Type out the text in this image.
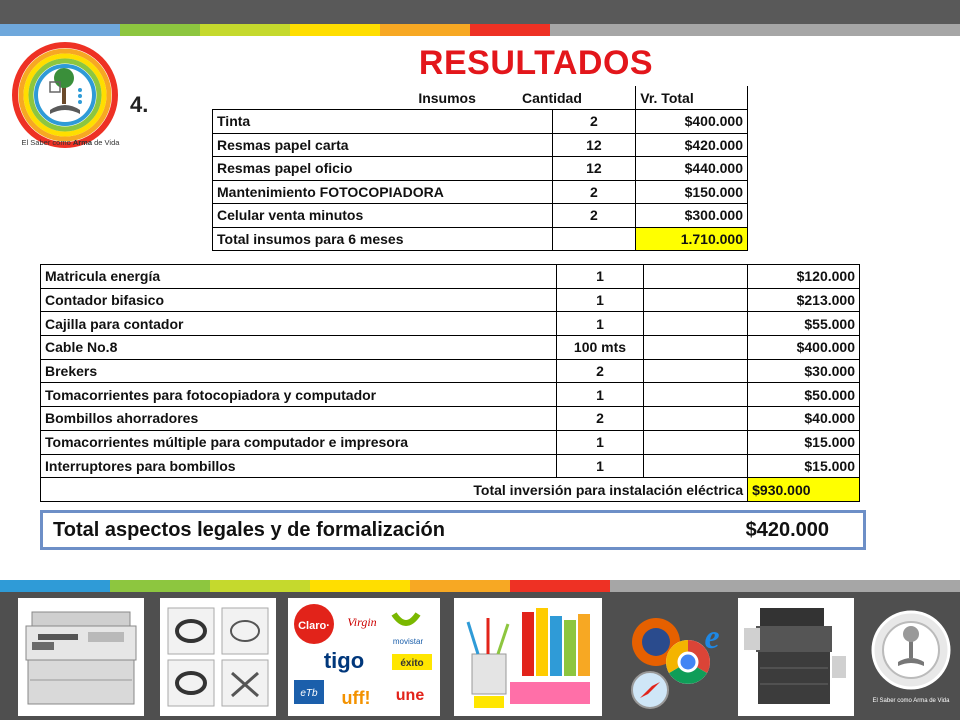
El Saber como Arma de Vida
RESULTADOS
4.	Insumos Cantidad		Vr. Total
Tinta	2	$400.000
Resmas papel carta	12	$420.000
Resmas papel oficio	12	$440.000
Mantenimiento FOTOCOPIADORA	2	$150.000
Celular venta minutos	2	$300.000
Total insumos para 6 meses		1.710.000
Matricula energía	1		$120.000
Contador bifasico	1		$213.000
Cajilla para contador	1		$55.000
Cable No.8	100 mts		$400.000
Brekers	2		$30.000
Tomacorrientes para fotocopiadora y computador	1		$50.000
Bombillos ahorradores	2		$40.000
Tomacorrientes múltiple para computador e impresora	1		$15.000
Interruptores para bombillos	1		$15.000
Total inversión para instalación eléctrica			$930.000
Total aspectos legales y de formalización	$420.000
Claro· Virgin
movistar
tigo	éxito
eTb uff! une
e
El Saber como Arma de Vida
